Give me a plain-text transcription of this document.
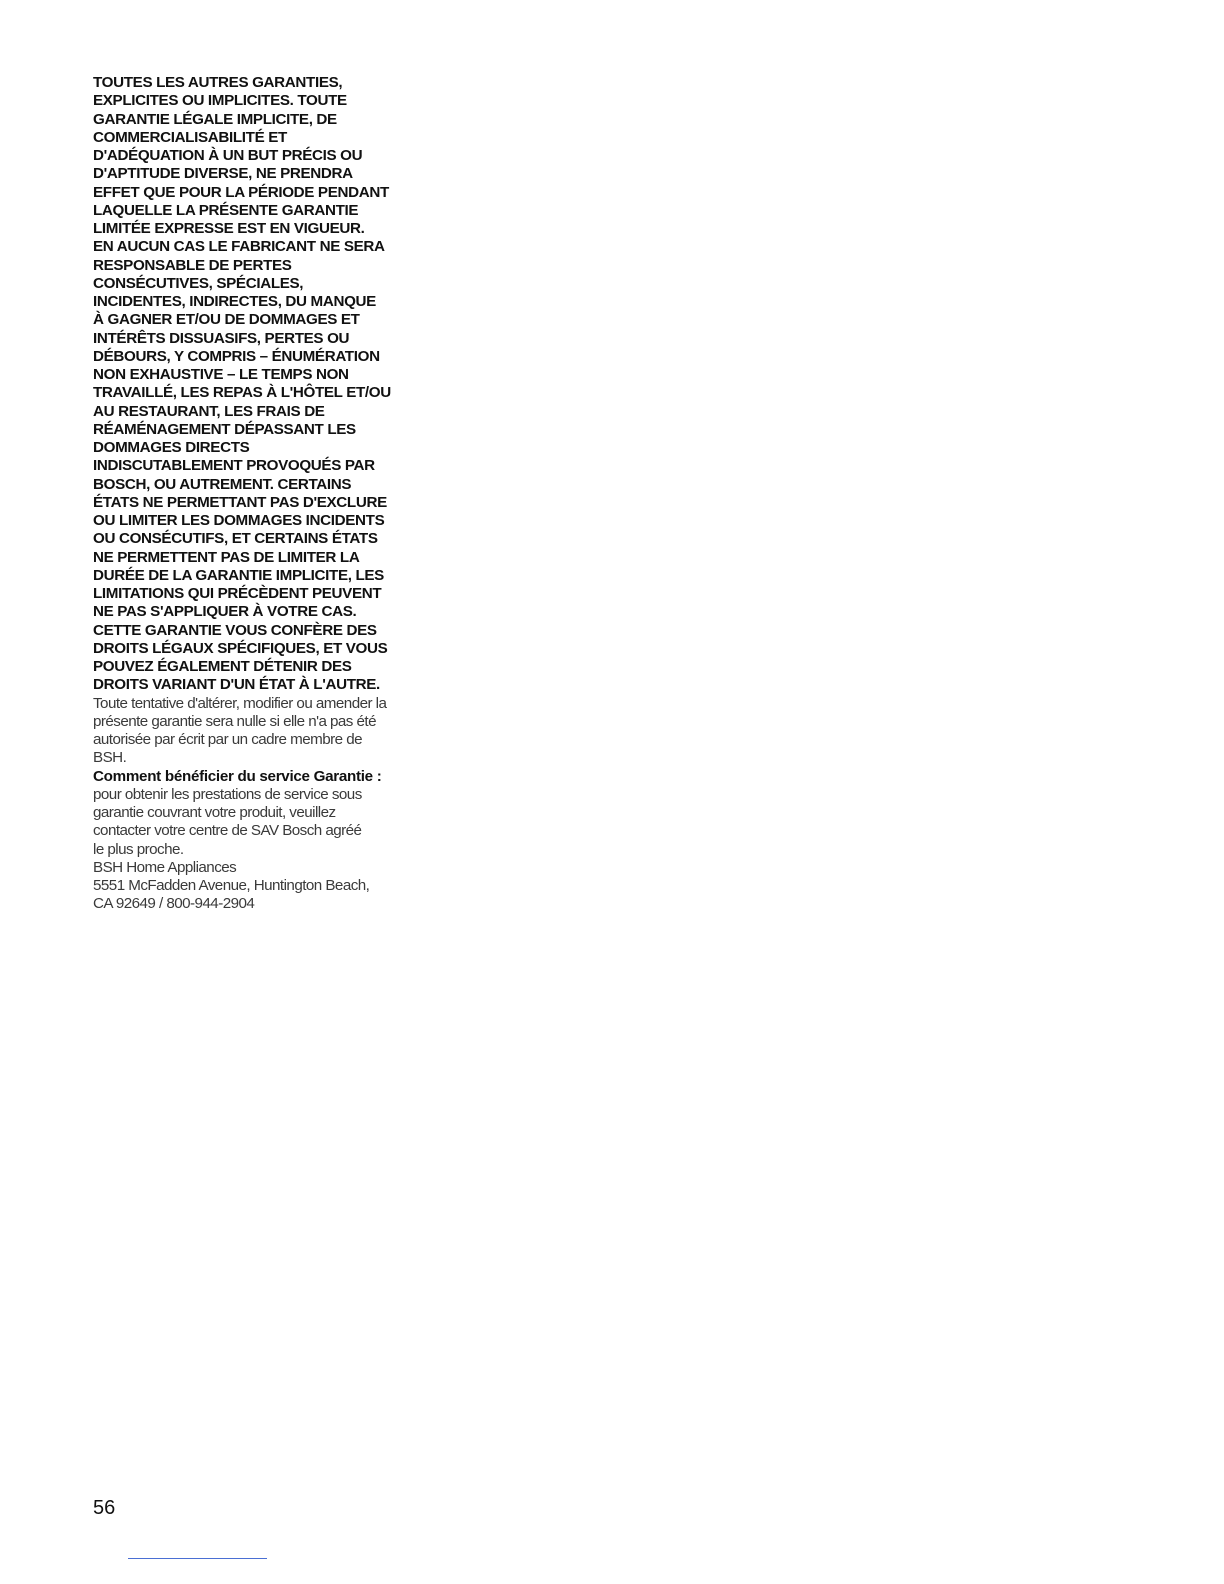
TOUTES LES AUTRES GARANTIES,
EXPLICITES OU IMPLICITES. TOUTE
GARANTIE LÉGALE IMPLICITE, DE
COMMERCIALISABILITÉ ET
D'ADÉQUATION À UN BUT PRÉCIS OU
D'APTITUDE DIVERSE, NE PRENDRA
EFFET QUE POUR LA PÉRIODE PENDANT
LAQUELLE LA PRÉSENTE GARANTIE
LIMITÉE EXPRESSE EST EN VIGUEUR.
EN AUCUN CAS LE FABRICANT NE SERA
RESPONSABLE DE PERTES
CONSÉCUTIVES, SPÉCIALES,
INCIDENTES, INDIRECTES, DU MANQUE
À GAGNER ET/OU DE DOMMAGES ET
INTÉRÊTS DISSUASIFS, PERTES OU
DÉBOURS, Y COMPRIS – ÉNUMÉRATION
NON EXHAUSTIVE – LE TEMPS NON
TRAVAILLÉ, LES REPAS À L'HÔTEL ET/OU
AU RESTAURANT, LES FRAIS DE
RÉAMÉNAGEMENT DÉPASSANT LES
DOMMAGES DIRECTS
INDISCUTABLEMENT PROVOQUÉS PAR
BOSCH, OU AUTREMENT. CERTAINS
ÉTATS NE PERMETTANT PAS D'EXCLURE
OU LIMITER LES DOMMAGES INCIDENTS
OU CONSÉCUTIFS, ET CERTAINS ÉTATS
NE PERMETTENT PAS DE LIMITER LA
DURÉE DE LA GARANTIE IMPLICITE, LES
LIMITATIONS QUI PRÉCÈDENT PEUVENT
NE PAS S'APPLIQUER À VOTRE CAS.
CETTE GARANTIE VOUS CONFÈRE DES
DROITS LÉGAUX SPÉCIFIQUES, ET VOUS
POUVEZ ÉGALEMENT DÉTENIR DES
DROITS VARIANT D'UN ÉTAT À L'AUTRE.
Toute tentative d'altérer, modifier ou amender la
présente garantie sera nulle si elle n'a pas été
autorisée par écrit par un cadre membre de
BSH.
Comment bénéficier du service Garantie :
pour obtenir les prestations de service sous
garantie couvrant votre produit, veuillez
contacter votre centre de SAV Bosch agréé
le plus proche.
BSH Home Appliances
5551 McFadden Avenue, Huntington Beach,
CA 92649 / 800-944-2904
56
